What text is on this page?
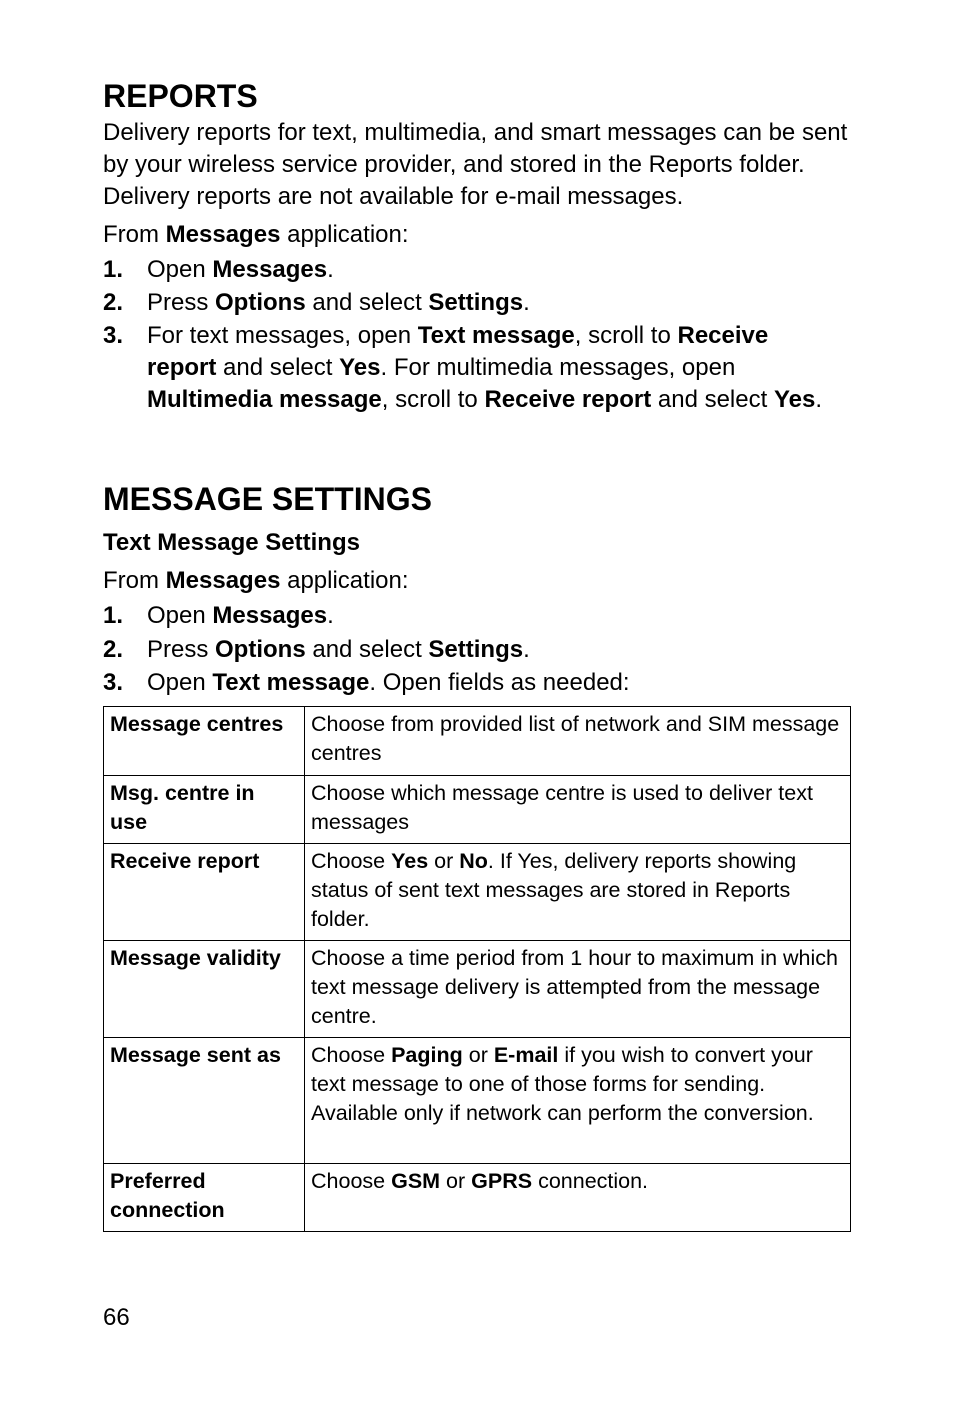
REPORTS

Delivery reports for text, multimedia, and smart messages can be sent by your wireless service provider, and stored in the Reports folder. Delivery reports are not available for e-mail messages.

From Messages application:

1. Open Messages.
2. Press Options and select Settings.
3. For text messages, open Text message, scroll to Receive report and select Yes. For multimedia messages, open Multimedia message, scroll to Receive report and select Yes.
MESSAGE SETTINGS
Text Message Settings

From Messages application:

1. Open Messages.
2. Press Options and select Settings.
3. Open Text message. Open fields as needed:
Message centres	Choose from provided list of network and SIM message centres
Msg. centre in use	Choose which message centre is used to deliver text messages
Receive report	Choose Yes or No. If Yes, delivery reports showing status of sent text messages are stored in Reports folder.
Message validity	Choose a time period from 1 hour to maximum in which text message delivery is attempted from the message centre.
Message sent as	Choose Paging or E-mail if you wish to convert your text message to one of those forms for sending. Available only if network can perform the conversion.
Preferred connection	Choose GSM or GPRS connection.
66
